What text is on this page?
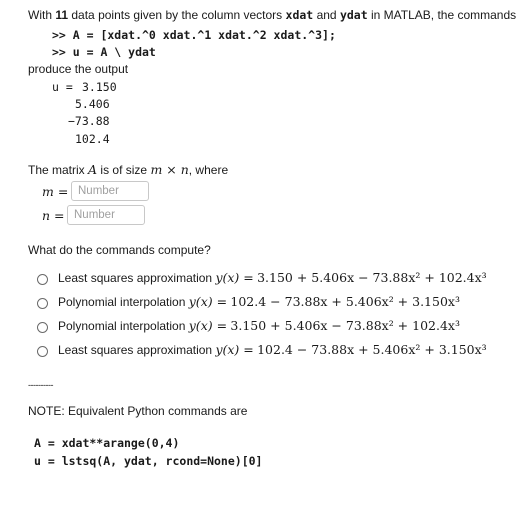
With 11 data points given by the column vectors xdat and ydat in MATLAB, the commands
>> A = [xdat.^0 xdat.^1 xdat.^2 xdat.^3];
>> u = A \ ydat
produce the output
u = 3.150
5.406
−73.88
102.4
The matrix A is of size m × n, where
m =
Number
n =
Number
What do the commands compute?
Least squares approximation y(x) = 3.150 + 5.406x − 73.88x² + 102.4x³
Polynomial interpolation y(x) = 102.4 − 73.88x + 5.406x² + 3.150x³
Polynomial interpolation y(x) = 3.150 + 5.406x − 73.88x² + 102.4x³
Least squares approximation y(x) = 102.4 − 73.88x + 5.406x² + 3.150x³
----------
NOTE: Equivalent Python commands are
A = xdat**arange(0,4)
u = lstsq(A, ydat, rcond=None)[0]
